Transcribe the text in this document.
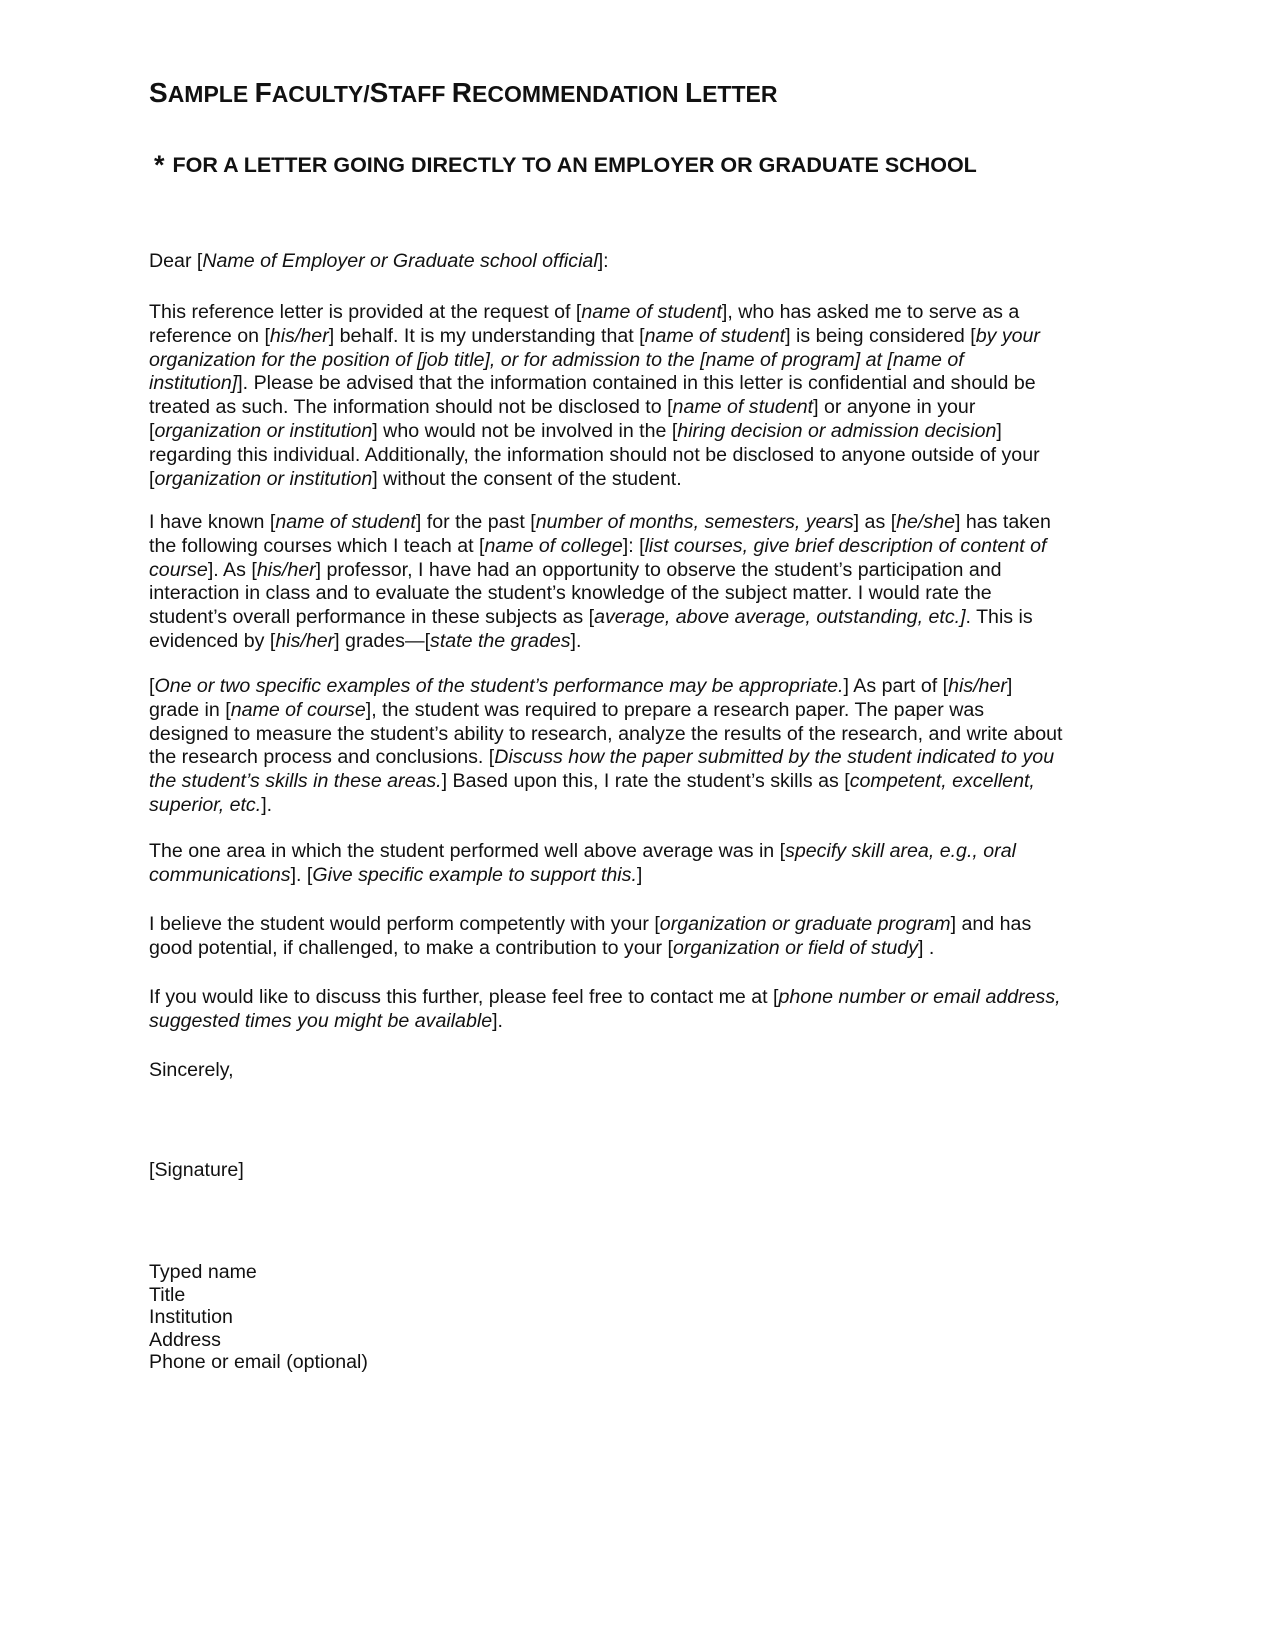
SAMPLE FACULTY/STAFF RECOMMENDATION LETTER
* FOR A LETTER GOING DIRECTLY TO AN EMPLOYER OR GRADUATE SCHOOL
Dear [Name of Employer or Graduate school official]:
This reference letter is provided at the request of [name of student], who has asked me to serve as a
reference on [his/her] behalf. It is my understanding that [name of student] is being considered [by your
organization for the position of [job title], or for admission to the [name of program] at [name of
institution]]. Please be advised that the information contained in this letter is confidential and should be
treated as such. The information should not be disclosed to [name of student] or anyone in your
[organization or institution] who would not be involved in the [hiring decision or admission decision]
regarding this individual. Additionally, the information should not be disclosed to anyone outside of your
[organization or institution] without the consent of the student.
I have known [name of student] for the past [number of months, semesters, years] as [he/she] has taken
the following courses which I teach at [name of college]: [list courses, give brief description of content of
course]. As [his/her] professor, I have had an opportunity to observe the student’s participation and
interaction in class and to evaluate the student’s knowledge of the subject matter. I would rate the
student’s overall performance in these subjects as [average, above average, outstanding, etc.]. This is
evidenced by [his/her] grades—[state the grades].
[One or two specific examples of the student’s performance may be appropriate.] As part of [his/her]
grade in [name of course], the student was required to prepare a research paper. The paper was
designed to measure the student’s ability to research, analyze the results of the research, and write about
the research process and conclusions. [Discuss how the paper submitted by the student indicated to you
the student’s skills in these areas.] Based upon this, I rate the student’s skills as [competent, excellent,
superior, etc.].
The one area in which the student performed well above average was in [specify skill area, e.g., oral
communications]. [Give specific example to support this.]
I believe the student would perform competently with your [organization or graduate program] and has
good potential, if challenged, to make a contribution to your [organization or field of study] .
If you would like to discuss this further, please feel free to contact me at [phone number or email address,
suggested times you might be available].
Sincerely,
[Signature]
Typed name
Title
Institution
Address
Phone or email (optional)
